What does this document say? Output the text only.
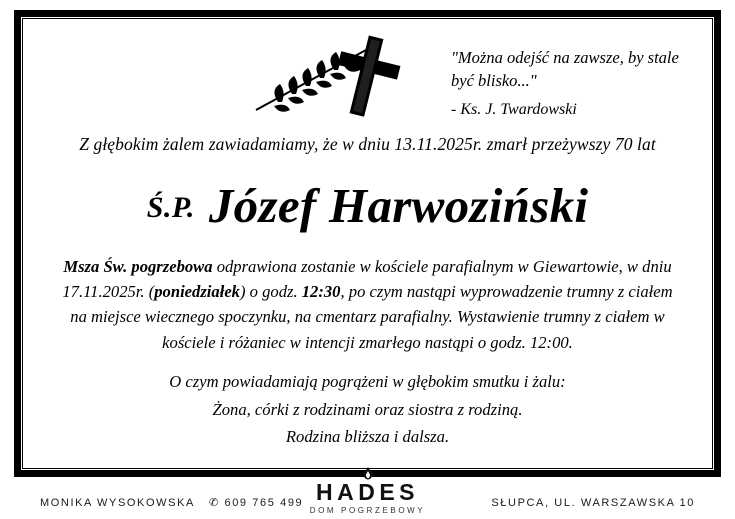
"Można odejść na zawsze, by stale
być blisko..."
- Ks. J. Twardowski
Z głębokim żalem zawiadamiamy, że w dniu 13.11.2025r. zmarł przeżywszy 70 lat
Ś.P. Józef Harwoziński
Msza Św. pogrzebowa odprawiona zostanie w kościele parafialnym w Giewartowie, w dniu 17.11.2025r. (poniedziałek) o godz. 12:30, po czym nastąpi wyprowadzenie trumny z ciałem na miejsce wiecznego spoczynku, na cmentarz parafialny. Wystawienie trumny z ciałem w kościele i różaniec w intencji zmarłego nastąpi o godz. 12:00.
O czym powiadamiają pogrążeni w głębokim smutku i żalu:
Żona, córki z rodzinami oraz siostra z rodziną.
Rodzina bliższa i dalsza.
MONIKA WYSOKOWSKA ✆ 609 765 499 HADES
DOM POGRZEBOWY
SŁUPCA, UL. WARSZAWSKA 10
